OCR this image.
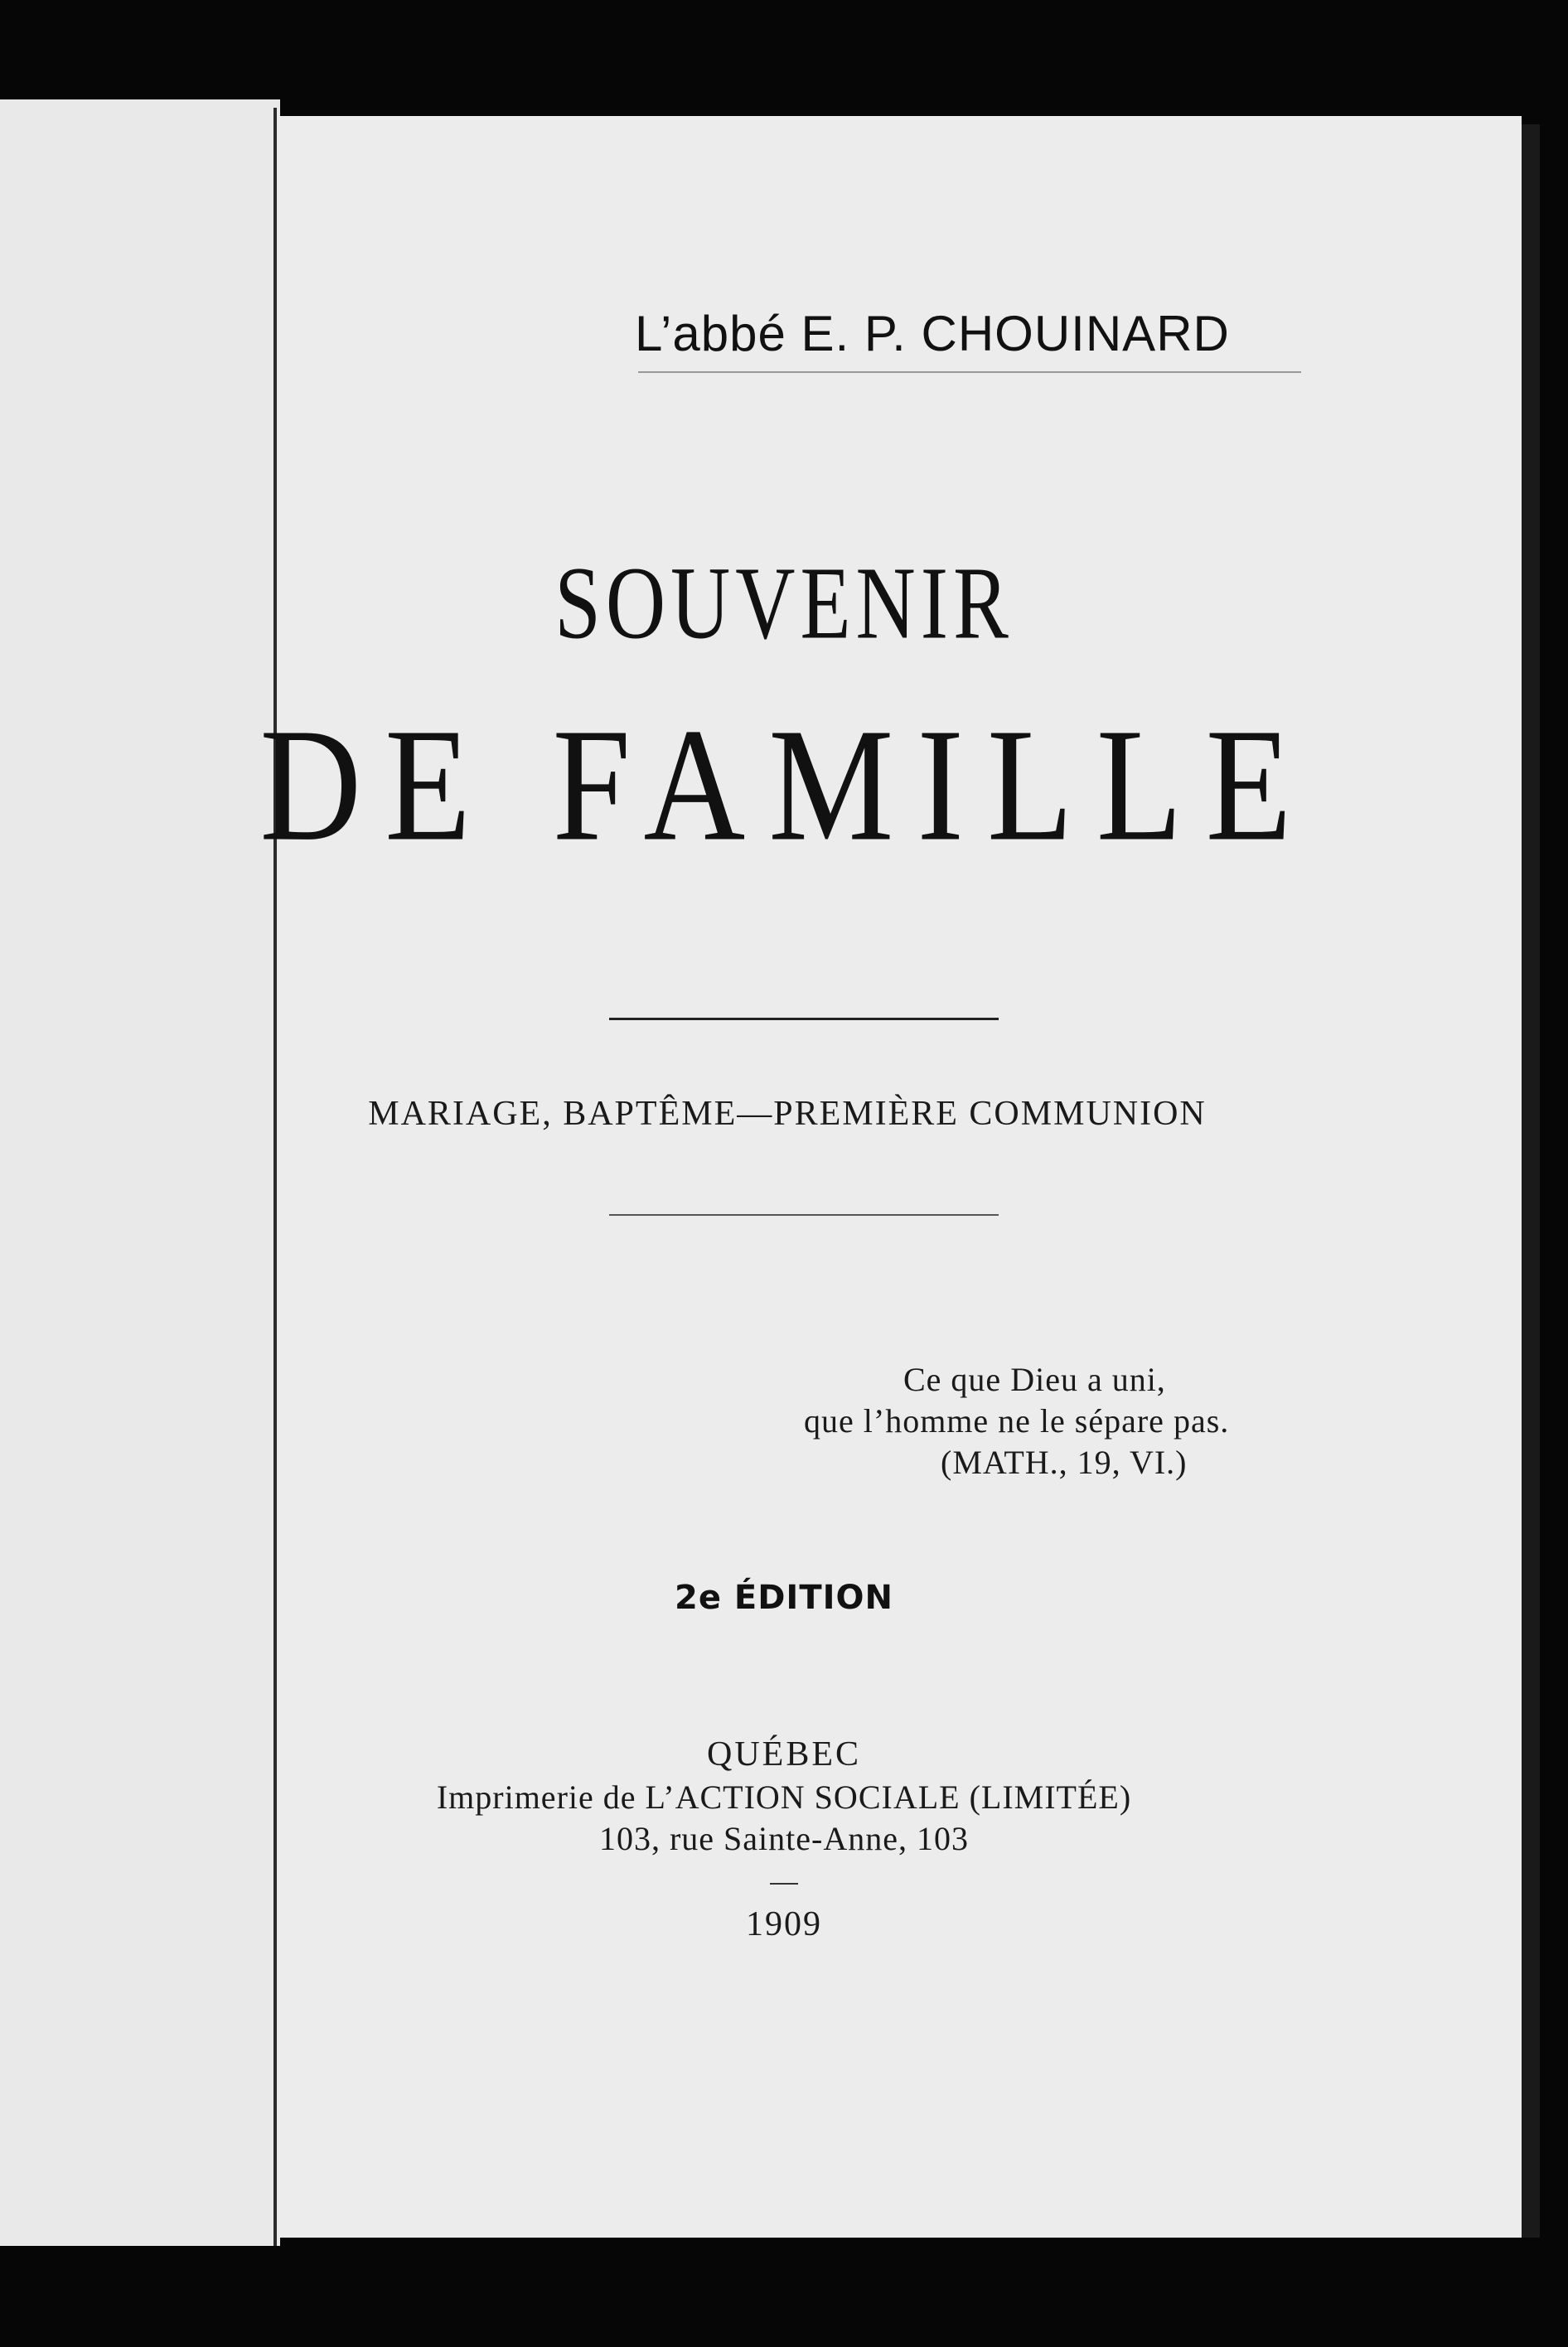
L’abbé E. P. CHOUINARD
SOUVENIR
DE FAMILLE
MARIAGE, BAPTÊME—PREMIÈRE COMMUNION
Ce que Dieu a uni,
que l’homme ne le sépare pas.
(MATH., 19, VI.)
2e ÉDITION
QUÉBEC
Imprimerie de L’ACTION SOCIALE (LIMITÉE)
103, rue Sainte-Anne, 103
1909
